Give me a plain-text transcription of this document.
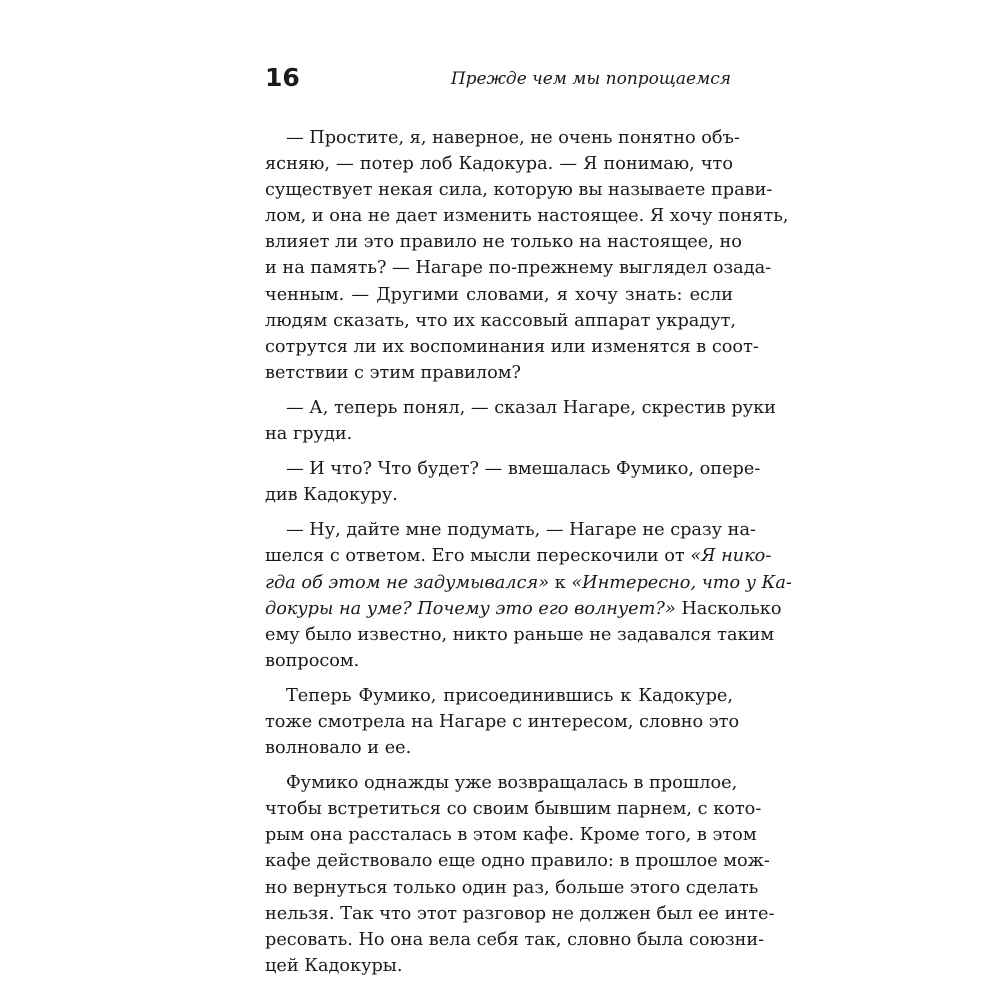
16	Прежде чем мы попрощаемся

— Простите, я, наверное, не очень понятно объ-
ясняю, — потер лоб Кадокура. — Я понимаю, что
существует некая сила, которую вы называете прави-
лом, и она не дает изменить настоящее. Я хочу понять,
влияет ли это правило не только на настоящее, но
и на память? — Нагаре по-прежнему выглядел озада-
ченным. — Другими словами, я хочу знать: если
людям сказать, что их кассовый аппарат украдут,
сотрутся ли их воспоминания или изменятся в соот-
ветствии с этим правилом?

— А, теперь понял, — сказал Нагаре, скрестив руки
на груди.

— И что? Что будет? — вмешалась Фумико, опере-
див Кадокуру.

— Ну, дайте мне подумать, — Нагаре не сразу на-
шелся с ответом. Его мысли перескочили от «Я нико-
гда об этом не задумывался» к «Интересно, что у Ка-
докуры на уме? Почему это его волнует?» Насколько
ему было известно, никто раньше не задавался таким
вопросом.

Теперь Фумико, присоединившись к Кадокуре,
тоже смотрела на Нагаре с интересом, словно это
волновало и ее.

Фумико однажды уже возвращалась в прошлое,
чтобы встретиться со своим бывшим парнем, с кото-
рым она рассталась в этом кафе. Кроме того, в этом
кафе действовало еще одно правило: в прошлое мож-
но вернуться только один раз, больше этого сделать
нельзя. Так что этот разговор не должен был ее инте-
ресовать. Но она вела себя так, словно была союзни-
цей Кадокуры.
